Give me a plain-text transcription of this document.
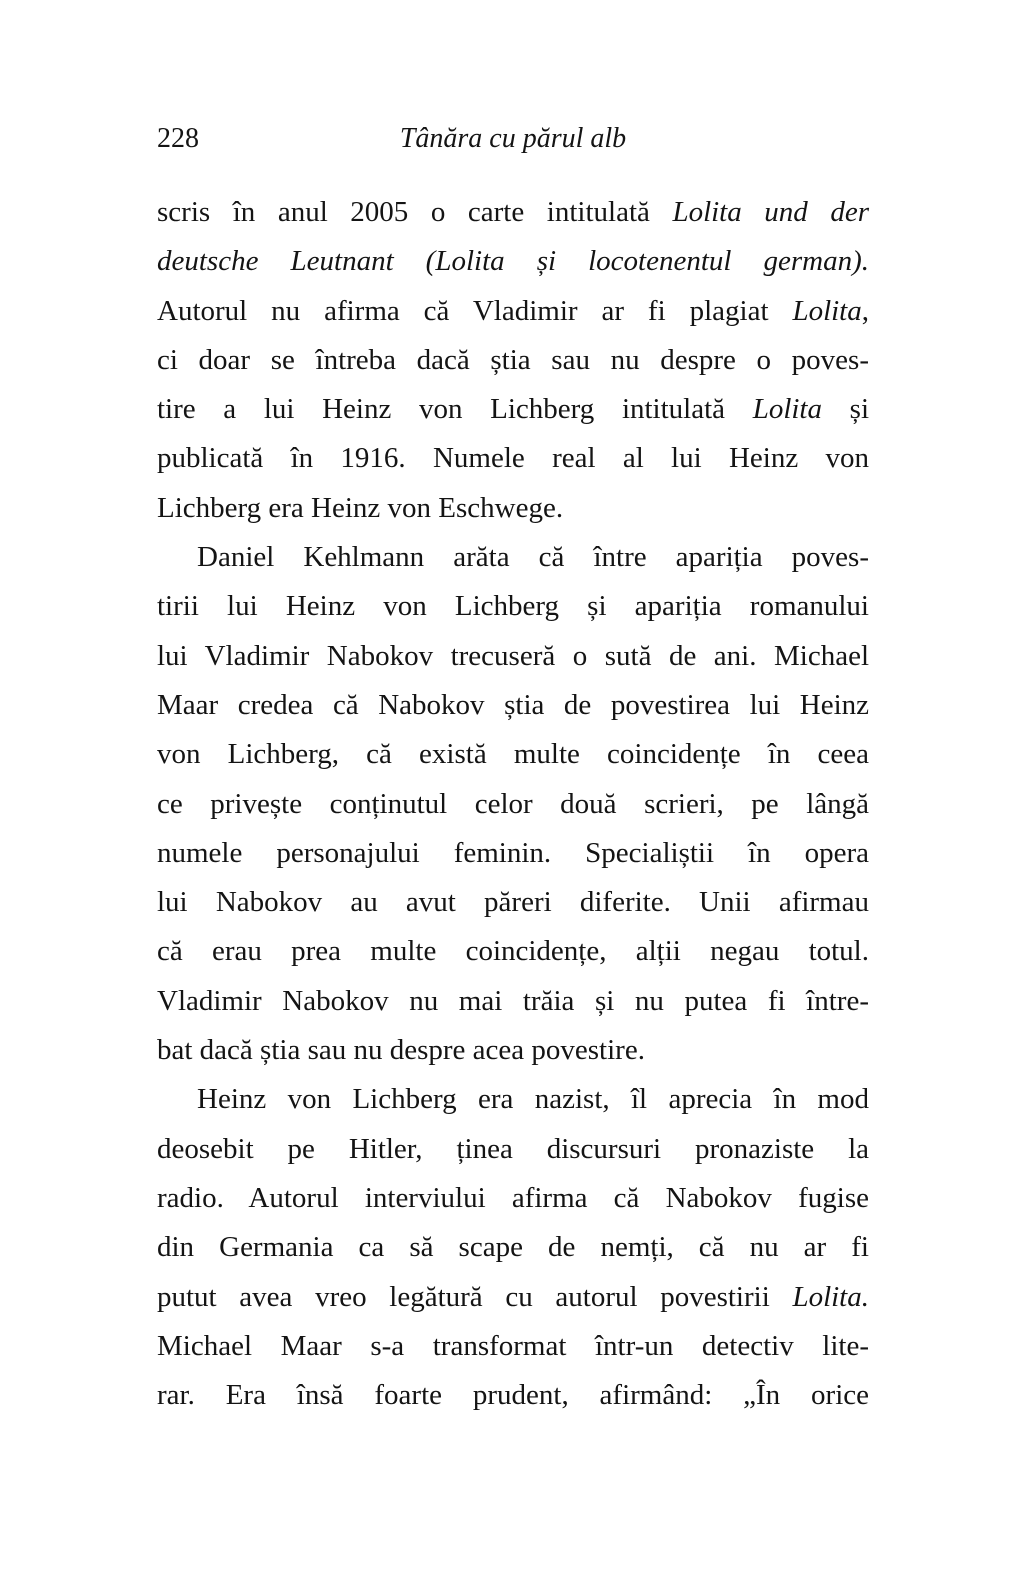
228	Tânăra cu părul alb
scris în anul 2005 o carte intitulată Lolita und der
deutsche Leutnant (Lolita și locotenentul german).
Autorul nu afirma că Vladimir ar fi plagiat Lolita,
ci doar se întreba dacă știa sau nu despre o poves-
tire a lui Heinz von Lichberg intitulată Lolita și
publicată în 1916. Numele real al lui Heinz von
Lichberg era Heinz von Eschwege.
Daniel Kehlmann arăta că între apariția poves-
tirii lui Heinz von Lichberg și apariția romanului
lui Vladimir Nabokov trecuseră o sută de ani. Michael
Maar credea că Nabokov știa de povestirea lui Heinz
von Lichberg, că există multe coincidențe în ceea
ce privește conținutul celor două scrieri, pe lângă
numele personajului feminin. Specialiștii în opera
lui Nabokov au avut păreri diferite. Unii afirmau
că erau prea multe coincidențe, alții negau totul.
Vladimir Nabokov nu mai trăia și nu putea fi între-
bat dacă știa sau nu despre acea povestire.
Heinz von Lichberg era nazist, îl aprecia în mod
deosebit pe Hitler, ținea discursuri pronaziste la
radio. Autorul interviului afirma că Nabokov fugise
din Germania ca să scape de nemți, că nu ar fi
putut avea vreo legătură cu autorul povestirii Lolita.
Michael Maar s-a transformat într-un detectiv lite-
rar. Era însă foarte prudent, afirmând: „În orice
